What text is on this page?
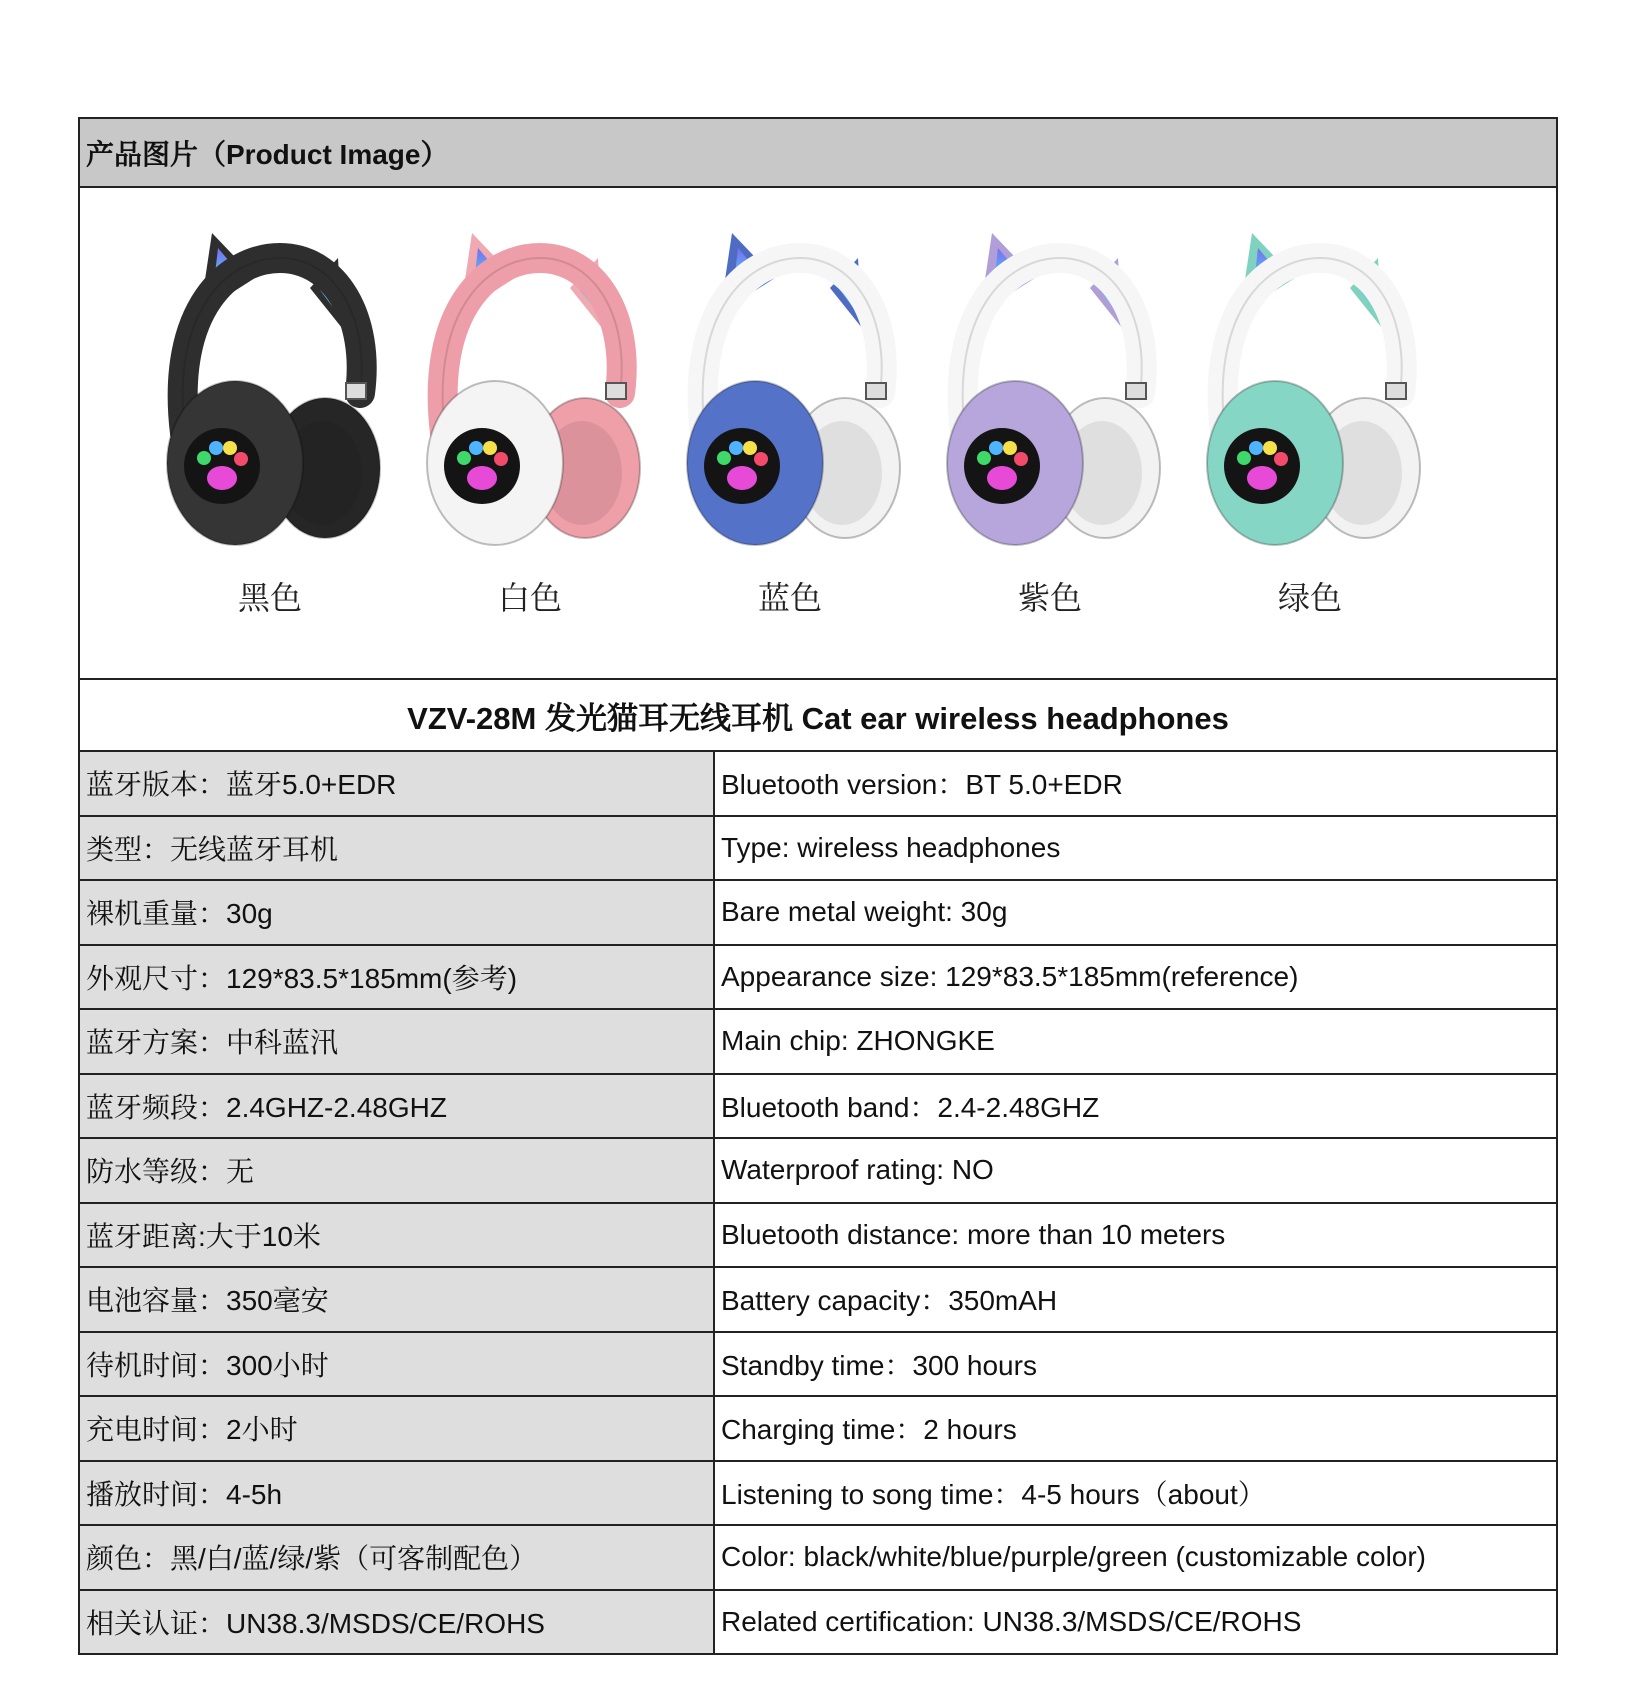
产品图片（Product Image）
黑色	白色	蓝色	紫色	绿色
VZV-28M 发光猫耳无线耳机 Cat ear wireless headphones
蓝牙版本：蓝牙5.0+EDR	Bluetooth version：BT 5.0+EDR
类型：无线蓝牙耳机	Type: wireless headphones
裸机重量：30g	Bare metal weight: 30g
外观尺寸：129*83.5*185mm(参考)	Appearance size: 129*83.5*185mm(reference)
蓝牙方案：中科蓝汛	Main chip: ZHONGKE
蓝牙频段：2.4GHZ-2.48GHZ	Bluetooth band：2.4-2.48GHZ
防水等级：无	Waterproof rating: NO
蓝牙距离:大于10米	Bluetooth distance: more than 10 meters
电池容量：350毫安	Battery capacity：350mAH
待机时间：300小时	Standby time：300 hours
充电时间：2小时	Charging time：2 hours
播放时间：4-5h	Listening to song time：4-5 hours（about）
颜色：黑/白/蓝/绿/紫（可客制配色）	Color: black/white/blue/purple/green (customizable color)
相关认证：UN38.3/MSDS/CE/ROHS	Related certification: UN38.3/MSDS/CE/ROHS
